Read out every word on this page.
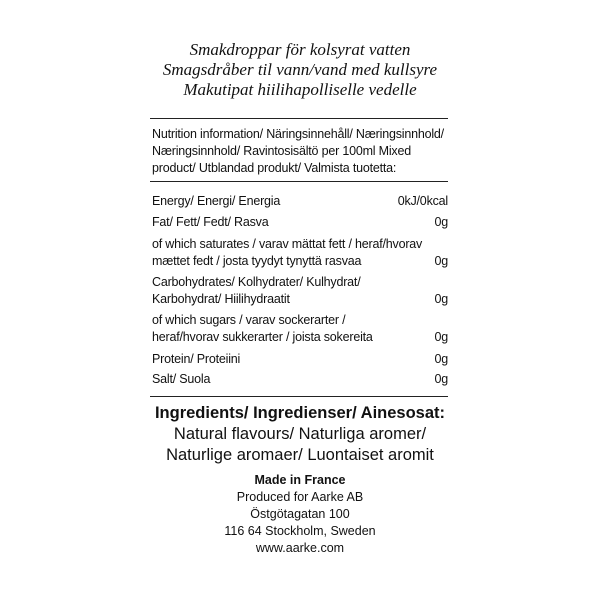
Smakdroppar för kolsyrat vatten
Smagsdråber til vann/vand med kullsyre
Makutipat hiilihapolliselle vedelle
Nutrition information/ Näringsinnehåll/ Næringsinnhold/
Næringsinnhold/ Ravintosisältö per 100ml Mixed
product/ Utblandad produkt/ Valmista tuotetta:
Energy/ Energi/ Energia	0kJ/0kcal
Fat/ Fett/ Fedt/ Rasva	0g
of which saturates / varav mättat fett / heraf/hvorav
mættet fedt / josta tyydyt tynyttä rasvaa	0g
Carbohydrates/ Kolhydrater/ Kulhydrat/
Karbohydrat/ Hiilihydraatit	0g
of which sugars / varav sockerarter /
heraf/hvorav sukkerarter / joista sokereita	0g
Protein/ Proteiini	0g
Salt/ Suola	0g
Ingredients/ Ingredienser/ Ainesosat:
Natural flavours/ Naturliga aromer/
Naturlige aromaer/ Luontaiset aromit
Made in France
Produced for Aarke AB
Östgötagatan 100
116 64 Stockholm, Sweden
www.aarke.com
